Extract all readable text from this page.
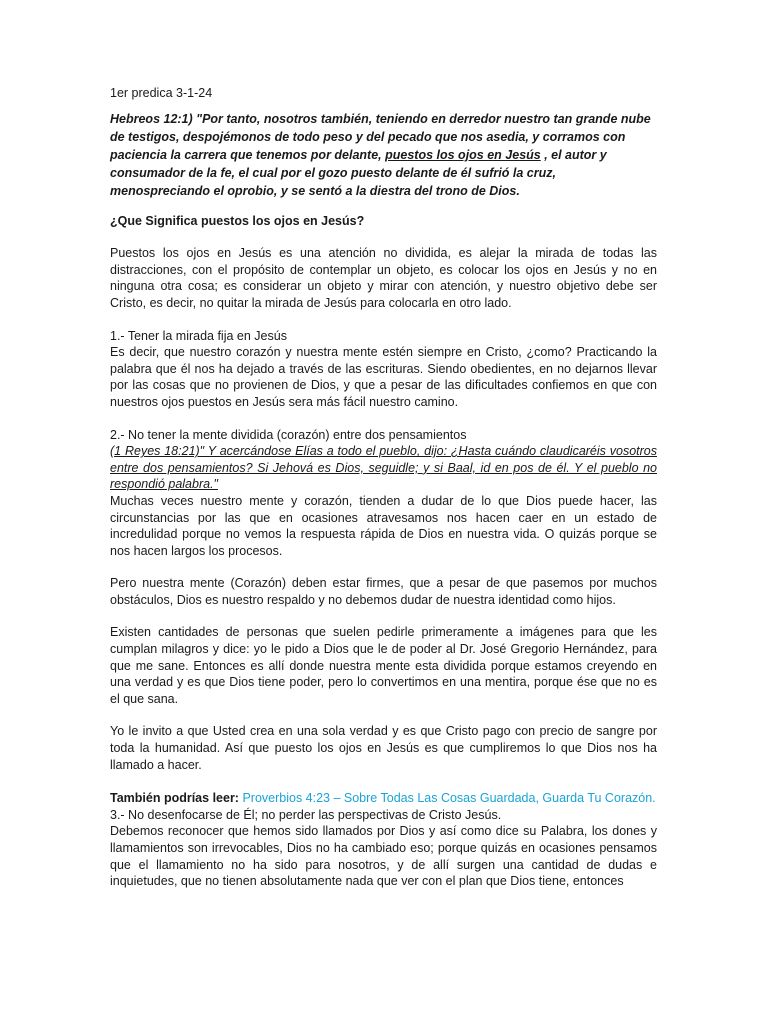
1er predica 3-1-24

Hebreos 12:1) "Por tanto, nosotros también, teniendo en derredor nuestro tan grande nube de testigos, despojémonos de todo peso y del pecado que nos asedia, y corramos con paciencia la carrera que tenemos por delante, puestos los ojos en Jesús , el autor y consumador de la fe, el cual por el gozo puesto delante de él sufrió la cruz, menospreciando el oprobio, y se sentó a la diestra del trono de Dios.

¿Que Significa puestos los ojos en Jesús?

Puestos los ojos en Jesús es una atención no dividida, es alejar la mirada de todas las distracciones, con el propósito de contemplar un objeto, es colocar los ojos en Jesús y no en ninguna otra cosa; es considerar un objeto y mirar con atención, y nuestro objetivo debe ser Cristo, es decir, no quitar la mirada de Jesús para colocarla en otro lado.

1.- Tener la mirada fija en Jesús

Es decir, que nuestro corazón y nuestra mente estén siempre en Cristo, ¿como? Practicando la palabra que él nos ha dejado a través de las escrituras. Siendo obedientes, en no dejarnos llevar por las cosas que no provienen de Dios, y que a pesar de las dificultades confiemos en que con nuestros ojos puestos en Jesús sera más fácil nuestro camino.

2.- No tener la mente dividida (corazón) entre dos pensamientos

(1 Reyes 18:21)" Y acercándose Elías a todo el pueblo, dijo: ¿Hasta cuándo claudicaréis vosotros entre dos pensamientos? Si Jehová es Dios, seguidle; y si Baal, id en pos de él. Y el pueblo no respondió palabra."

Muchas veces nuestro mente y corazón, tienden a dudar de lo que Dios puede hacer, las circunstancias por las que en ocasiones atravesamos nos hacen caer en un estado de incredulidad porque no vemos la respuesta rápida de Dios en nuestra vida. O quizás porque se nos hacen largos los procesos.

Pero nuestra mente (Corazón) deben estar firmes, que a pesar de que pasemos por muchos obstáculos, Dios es nuestro respaldo y no debemos dudar de nuestra identidad como hijos.

Existen cantidades de personas que suelen pedirle primeramente a imágenes para que les cumplan milagros y dice: yo le pido a Dios que le de poder al Dr. José Gregorio Hernández, para que me sane. Entonces es allí donde nuestra mente esta dividida porque estamos creyendo en una verdad y es que Dios tiene poder, pero lo convertimos en una mentira, porque ése que no es el que sana.

Yo le invito a que Usted crea en una sola verdad y es que Cristo pago con precio de sangre por toda la humanidad. Así que puesto los ojos en Jesús es que cumpliremos lo que Dios nos ha llamado a hacer.

También podrías leer: Proverbios 4:23 – Sobre Todas Las Cosas Guardada, Guarda Tu Corazón.

3.- No desenfocarse de Él; no perder las perspectivas de Cristo Jesús.

Debemos reconocer que hemos sido llamados por Dios y así como dice su Palabra, los dones y llamamientos son irrevocables, Dios no ha cambiado eso; porque quizás en ocasiones pensamos que el llamamiento no ha sido para nosotros, y de allí surgen una cantidad de dudas e inquietudes, que no tienen absolutamente nada que ver con el plan que Dios tiene, entonces
